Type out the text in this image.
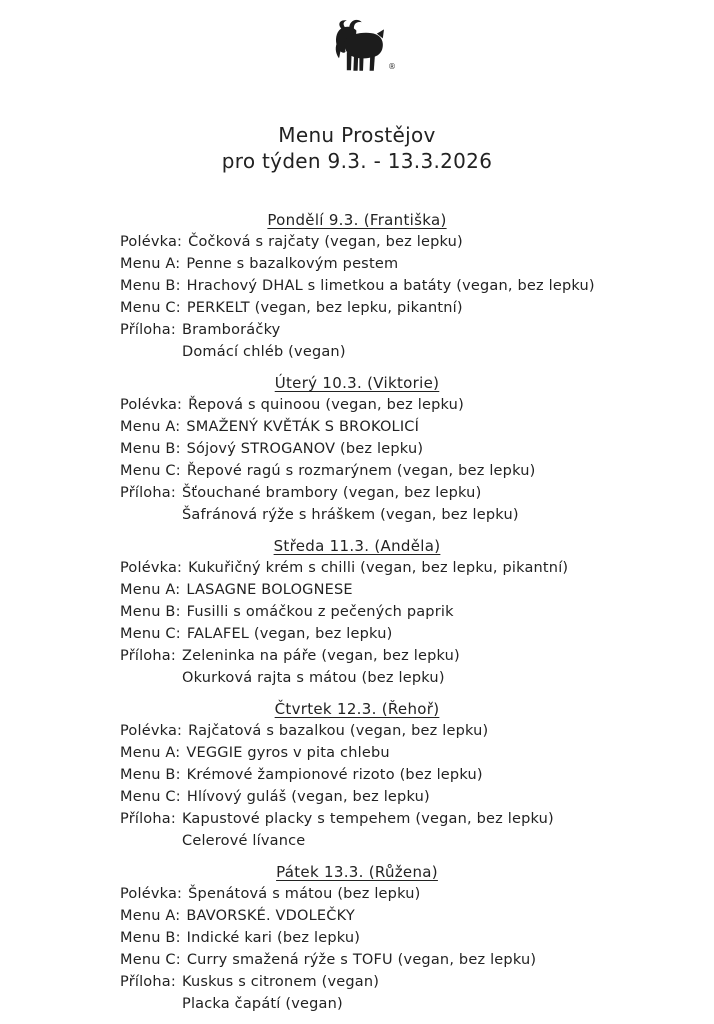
®
Menu Prostějov
pro týden 9.3. - 13.3.2026
Pondělí 9.3. (Františka)
Polévka: Čočková s rajčaty (vegan, bez lepku)
Menu A: Penne s bazalkovým pestem
Menu B: Hrachový DHAL s limetkou a batáty (vegan, bez lepku)
Menu C: PERKELT (vegan, bez lepku, pikantní)
Příloha: Bramboráčky
Domácí chléb (vegan)
Úterý 10.3. (Viktorie)
Polévka: Řepová s quinoou (vegan, bez lepku)
Menu A: SMAŽENÝ KVĚTÁK S BROKOLICÍ
Menu B: Sójový STROGANOV (bez lepku)
Menu C: Řepové ragú s rozmarýnem (vegan, bez lepku)
Příloha: Šťouchané brambory (vegan, bez lepku)
Šafránová rýže s hráškem (vegan, bez lepku)
Středa 11.3. (Anděla)
Polévka: Kukuřičný krém s chilli (vegan, bez lepku, pikantní)
Menu A: LASAGNE BOLOGNESE
Menu B: Fusilli s omáčkou z pečených paprik
Menu C: FALAFEL (vegan, bez lepku)
Příloha: Zeleninka na páře (vegan, bez lepku)
Okurková rajta s mátou (bez lepku)
Čtvrtek 12.3. (Řehoř)
Polévka: Rajčatová s bazalkou (vegan, bez lepku)
Menu A: VEGGIE gyros v pita chlebu
Menu B: Krémové žampionové rizoto (bez lepku)
Menu C: Hlívový guláš (vegan, bez lepku)
Příloha: Kapustové placky s tempehem (vegan, bez lepku)
Celerové lívance
Pátek 13.3. (Růžena)
Polévka: Špenátová s mátou (bez lepku)
Menu A: BAVORSKÉ. VDOLEČKY
Menu B: Indické kari (bez lepku)
Menu C: Curry smažená rýže s TOFU (vegan, bez lepku)
Příloha: Kuskus s citronem (vegan)
Placka čapátí (vegan)
